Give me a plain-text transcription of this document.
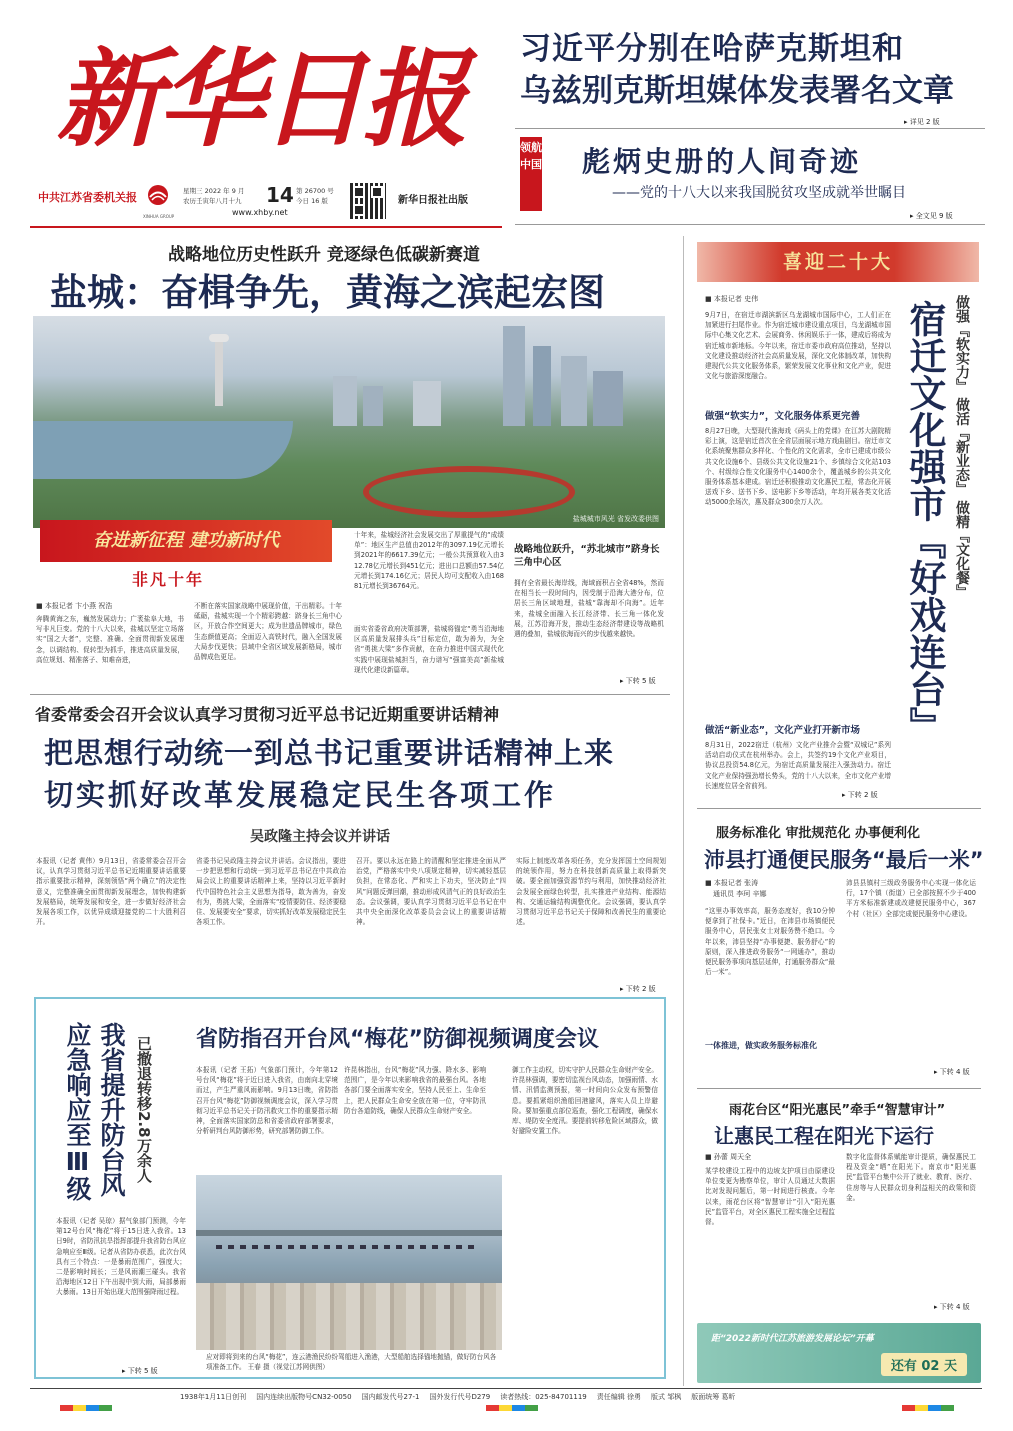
新华日报
中共江苏省委机关报
XINHUA GROUP
星期三 2022 年 9 月
农历壬寅年八月十九	14 第 26700 号
今日 16 版
www.xhby.net
新华日报社出版
习近平分别在哈萨克斯坦和
乌兹别克斯坦媒体发表署名文章
▸ 详见 2 版
领航中国 彪炳史册的人间奇迹
——党的十八大以来我国脱贫攻坚成就举世瞩目
▸ 全文见 9 版
战略地位历史性跃升 竞逐绿色低碳新赛道
盐城：奋楫争先，黄海之滨起宏图
盐城城市风光 省发改委供图
奋进新征程 建功新时代
非凡十年
■ 本报记者 卞小燕 祝浩
奔腾黄海之东，巍然发展动力；广袤盐阜大地，书写非凡巨变。党的十八大以来，盐城以坚定立场落实“国之大者”，完整、准确、全面贯彻新发展理念，以调结构、促转型为抓手，推进高质量发展，高位规划、精准落子、知难奋进，
不断在落实国家战略中展现价值，干出精彩。十年砥砺，盐城实现一个个精彩跨越：跻身长三角中心区，开放合作空间更大；成为世遗品牌城市，绿色生态颜值更高；全面迈入高铁时代，融入全国发展大局步伐更快；县域中全省区域发展新格局，城市品牌成色更足。
十年来，盐城经济社会发展交出了厚重提气的“成绩单”：地区生产总值由2012年的3097.19亿元增长到2021年的6617.39亿元；一般公共预算收入由312.78亿元增长到451亿元；进出口总额由57.54亿元增长到174.16亿元；居民人均可支配收入由16881元增长到36764元。
面实省委省政府决策部署，盐城将锚定“勇当沿海地区高质量发展排头兵”目标定位，敢为善为，为全省“勇挑大梁”多作贡献，在奋力推进中国式现代化实践中展现盐城担当，奋力谱写“强富美高”新盐城现代化建设新篇章。
战略地位跃升，“苏北城市”跻身长三角中心区
拥有全省最长海岸线，海域面积占全省48%，然而在相当长一段时间内，因受制于沿海大港分布，位居长三角区域地理，盐城“靠海却不向海”。近年来，盐城全面融入长江经济带、长三角一体化发展，江苏沿海开发，推动生态经济带建设等战略机遇的叠加，盐城依海而兴的步伐越来越快。
▸ 下转 5 版
喜迎二十大
宿迁文化强市『好戏连台』 做强『软实力』 做活『新业态』 做精『文化餐』
■ 本报记者 史伟
9月7日，在宿迁市湖滨新区乌龙湖城市国际中心，工人们正在加紧进行扫尾作业。作为宿迁城市建设重点项目，乌龙湖城市国际中心集文化艺术、会展商务、休闲娱乐于一体，建成后将成为宿迁城市新地标。今年以来，宿迁市委市政府高位推动，坚持以文化建设推动经济社会高质量发展，深化文化体制改革，加快构建现代公共文化服务体系，繁荣发展文化事业和文化产业，促进文化与旅游深度融合。
做强“软实力”，文化服务体系更完善
8月27日晚，大型现代淮海戏《码头上的党课》在江苏大剧院精彩上演，这是宿迁首次在全省层面展示地方戏曲剧目。宿迁市文化系统聚焦群众多样化、个性化的文化需求，全市已建成市级公共文化设施6个、县级公共文化设施21个、乡镇综合文化站103个、村级综合性文化服务中心1400余个，覆盖城乡的公共文化服务体系基本建成。宿迁还积极推动文化惠民工程，常态化开展送戏下乡、送书下乡、送电影下乡等活动，年均开展各类文化活动5000余场次，惠及群众300余万人次。
做活“新业态”，文化产业打开新市场
8月31日，2022宿迁（杭州）文化产业推介会暨“双城记”系列活动启动仪式在杭州举办。会上，共签约19个文化产业项目，协议总投资54.8亿元，为宿迁高质量发展注入强劲动力。宿迁文化产业保持强劲增长势头，党的十八大以来，全市文化产业增长速度位居全省前列。
▸ 下转 2 版
省委常委会召开会议认真学习贯彻习近平总书记近期重要讲话精神
把思想行动统一到总书记重要讲话精神上来
切实抓好改革发展稳定民生各项工作
吴政隆主持会议并讲话
本报讯（记者 黄伟）9月13日，省委常委会召开会议，认真学习贯彻习近平总书记近期重要讲话重要指示重要批示精神，深刻领悟“两个确立”的决定性意义，完整准确全面贯彻新发展理念，加快构建新发展格局，统筹发展和安全，进一步做好经济社会发展各项工作，以优异成绩迎接党的二十大胜利召开。
省委书记吴政隆主持会议并讲话。会议指出，要进一步把思想和行动统一到习近平总书记在中共政治局会议上的重要讲话精神上来，坚持以习近平新时代中国特色社会主义思想为指导，敢为善为，奋发有为，勇挑大梁，全面落实“疫情要防住、经济要稳住、发展要安全”要求，切实抓好改革发展稳定民生各项工作。
召开。要以永远在路上的清醒和坚定推进全面从严治党，严格落实中央八项规定精神，切实减轻基层负担，在常态化、严和实上下功夫，坚决防止“四风”问题反弹回潮，推动形成风清气正的良好政治生态。会议强调，要认真学习贯彻习近平总书记在中共中央全面深化改革委员会会议上的重要讲话精神。
实际上制度改革各项任务，充分发挥国土空间规划的统领作用，努力在科技创新高质量上取得新突破。要全面加强资源节约与利用，加快推动经济社会发展全面绿色转型，扎实推进产业结构、能源结构、交通运输结构调整优化。会议强调，要认真学习贯彻习近平总书记关于保障和改善民生的重要论述。
▸ 下转 2 版
我省提升防台风应急响应至Ⅲ级	已撤退转移2.8万余人
本报讯（记者 吴琼）据气象部门预测，今年第12号台风“梅花”将于15日进入我省。13日9时，省防汛抗旱指挥部提升我省防台风应急响应至Ⅲ级。记者从省防办获悉，此次台风具有三个特点：一是暴雨范围广，强度大；二是影响时间长；三是风雨潮三碰头。我省沿海地区12日下午出现中到大雨，局部暴雨大暴雨。13日开始出现大范围强降雨过程。
▸ 下转 5 版
省防指召开台风“梅花”防御视频调度会议
本报讯（记者 王拓）气象部门预计，今年第12号台风“梅花”将于近日进入我省，由南向北穿境而过，产生严重风雨影响。9月13日晚，省防指召开台风“梅花”防御视频调度会议，深入学习贯彻习近平总书记关于防汛救灾工作的重要指示精神，全面落实国家防总和省委省政府部署要求，分析研判台风防御形势，研究部署防御工作。
许昆林指出，台风“梅花”风力强、降水多、影响范围广，是今年以来影响我省的最强台风。各地各部门要全面落实安全，坚持人民至上、生命至上，把人民群众生命安全放在第一位，守牢防汛防台各道防线，确保人民群众生命财产安全。
御工作主动权，切实守护人民群众生命财产安全。许昆林强调，要密切监视台风动态，加强雨情、水情、汛情监测预报，第一时间向公众发布预警信息。要抓紧组织渔船回港避风，落实人员上岸避险。要加强重点部位巡查，强化工程调度，确保水库、堤防安全度汛。要提前转移危险区域群众，做好避险安置工作。
应对即将到来的台风“梅花”，连云港渔民纷纷驾船进入渔港，大型船舶选择锚地抛锚，做好防台风各项准备工作。 王春 摄（视觉江苏网供图）
服务标准化 审批规范化 办事便利化
沛县打通便民服务“最后一米”
■ 本报记者 张涛
通讯员 李珂 辛娜
“这里办事效率高，服务态度好，我10分钟便拿到了社保卡。”近日，在沛县市场镇便民服务中心，居民张女士对服务赞不绝口。今年以来，沛县坚持“办事便捷、服务舒心”的原则，深入推进政务服务“一网通办”，推动便民服务事项向基层延伸，打通服务群众“最后一米”。
一体推进，做实政务服务标准化
沛县县镇村三级政务服务中心实现一体化运行，17个镇（街道）已全部按照不少于400平方米标准新建或改建便民服务中心，367个村（社区）全部完成便民服务中心建设。
▸ 下转 4 版
雨花台区“阳光惠民”牵手“智慧审计”
让惠民工程在阳光下运行
■ 孙蕾 周天全
某学校建设工程中的边坡支护项目由原建设单位变更为勘察单位，审计人员通过大数据比对发现问题后，第一时间进行核查。今年以来，雨花台区将“智慧审计”引入“阳光惠民”监管平台，对全区惠民工程实施全过程监督。
数字化监督体系赋能审计提质，确保惠民工程及资金“晒”在阳光下。南京市“阳光惠民”监管平台集中公开了就业、教育、医疗、住房等与人民群众切身利益相关的政策和资金。
▸ 下转 4 版
距“2022新时代江苏旅游发展论坛”开幕
还有 02 天
1938年1月11日创刊 国内连续出版物号CN32-0050 国内邮发代号27-1 国外发行代号D279 读者热线：025-84701119 责任编辑 徐勇 版式 邹枫 版面统筹 葛昕
